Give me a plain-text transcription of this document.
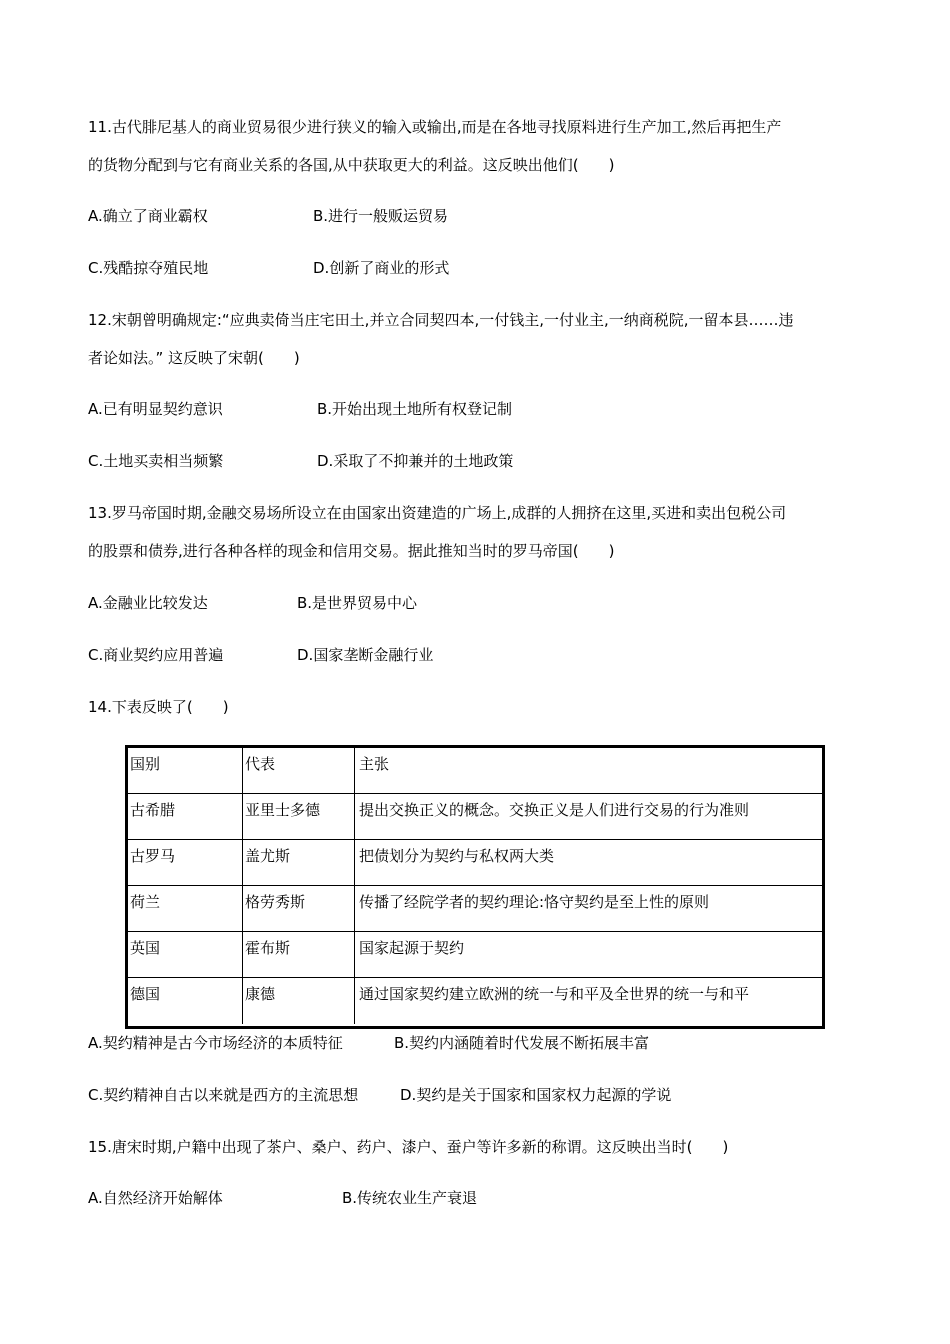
11.古代腓尼基人的商业贸易很少进行狭义的输入或输出,而是在各地寻找原料进行生产加工,然后再把生产
的货物分配到与它有商业关系的各国,从中获取更大的利益。这反映出他们(　　)
A.确立了商业霸权	B.进行一般贩运贸易
C.残酷掠夺殖民地	D.创新了商业的形式
12.宋朝曾明确规定:“应典卖倚当庄宅田土,并立合同契四本,一付钱主,一付业主,一纳商税院,一留本县……违
者论如法。” 这反映了宋朝(　　)
A.已有明显契约意识	B.开始出现土地所有权登记制
C.土地买卖相当频繁	D.采取了不抑兼并的土地政策
13.罗马帝国时期,金融交易场所设立在由国家出资建造的广场上,成群的人拥挤在这里,买进和卖出包税公司
的股票和债券,进行各种各样的现金和信用交易。据此推知当时的罗马帝国(　　)
A.金融业比较发达	B.是世界贸易中心
C.商业契约应用普遍	D.国家垄断金融行业
14.下表反映了(　　)
国别	代表	主张
古希腊	亚里士多德	提出交换正义的概念。交换正义是人们进行交易的行为准则
古罗马	盖尤斯	把债划分为契约与私权两大类
荷兰	格劳秀斯	传播了经院学者的契约理论:恪守契约是至上性的原则
英国	霍布斯	国家起源于契约
德国	康德	通过国家契约建立欧洲的统一与和平及全世界的统一与和平
A.契约精神是古今市场经济的本质特征	B.契约内涵随着时代发展不断拓展丰富
C.契约精神自古以来就是西方的主流思想	D.契约是关于国家和国家权力起源的学说
15.唐宋时期,户籍中出现了茶户、桑户、药户、漆户、蚕户等许多新的称谓。这反映出当时(　　)
A.自然经济开始解体	B.传统农业生产衰退
